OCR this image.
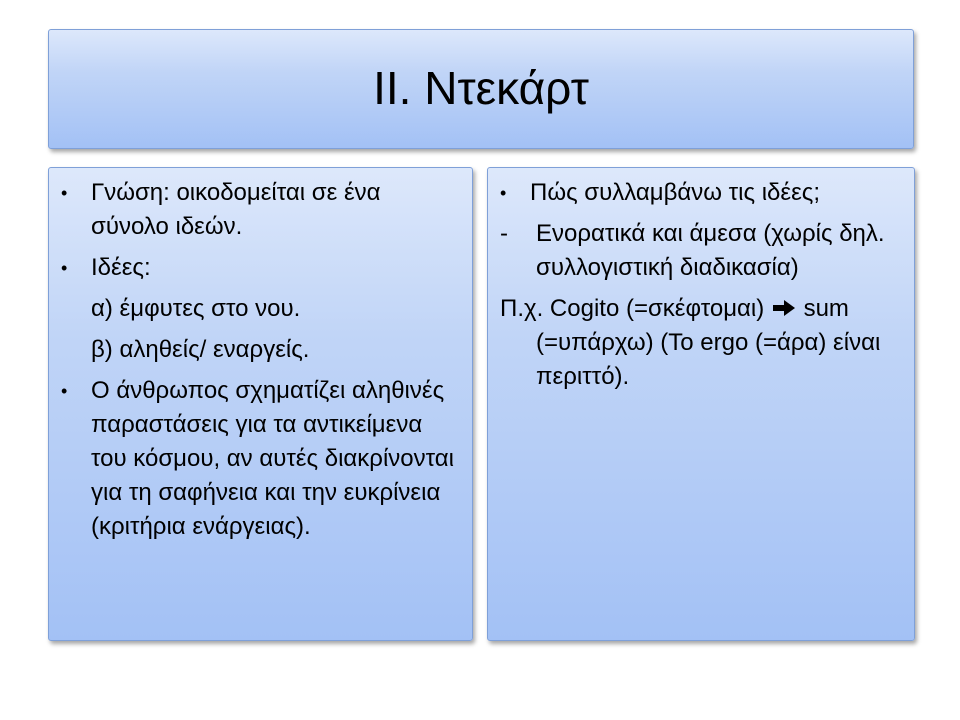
ΙΙ. Ντεκάρτ
• Γνώση: οικοδομείται σε ένα σύνολο ιδεών.
• Ιδέες:
α) έμφυτες στο νου.
β) αληθείς/ εναργείς.
• Ο άνθρωπος σχηματίζει αληθινές παραστάσεις για τα αντικείμενα του κόσμου, αν αυτές διακρίνονται για τη σαφήνεια και την ευκρίνεια (κριτήρια ενάργειας).
• Πώς συλλαμβάνω τις ιδέες;
- Ενορατικά και άμεσα (χωρίς δηλ. συλλογιστική διαδικασία)
Π.χ. Cogito (=σκέφτομαι) sum (=υπάρχω) (Το ergo (=άρα) είναι περιττό).
